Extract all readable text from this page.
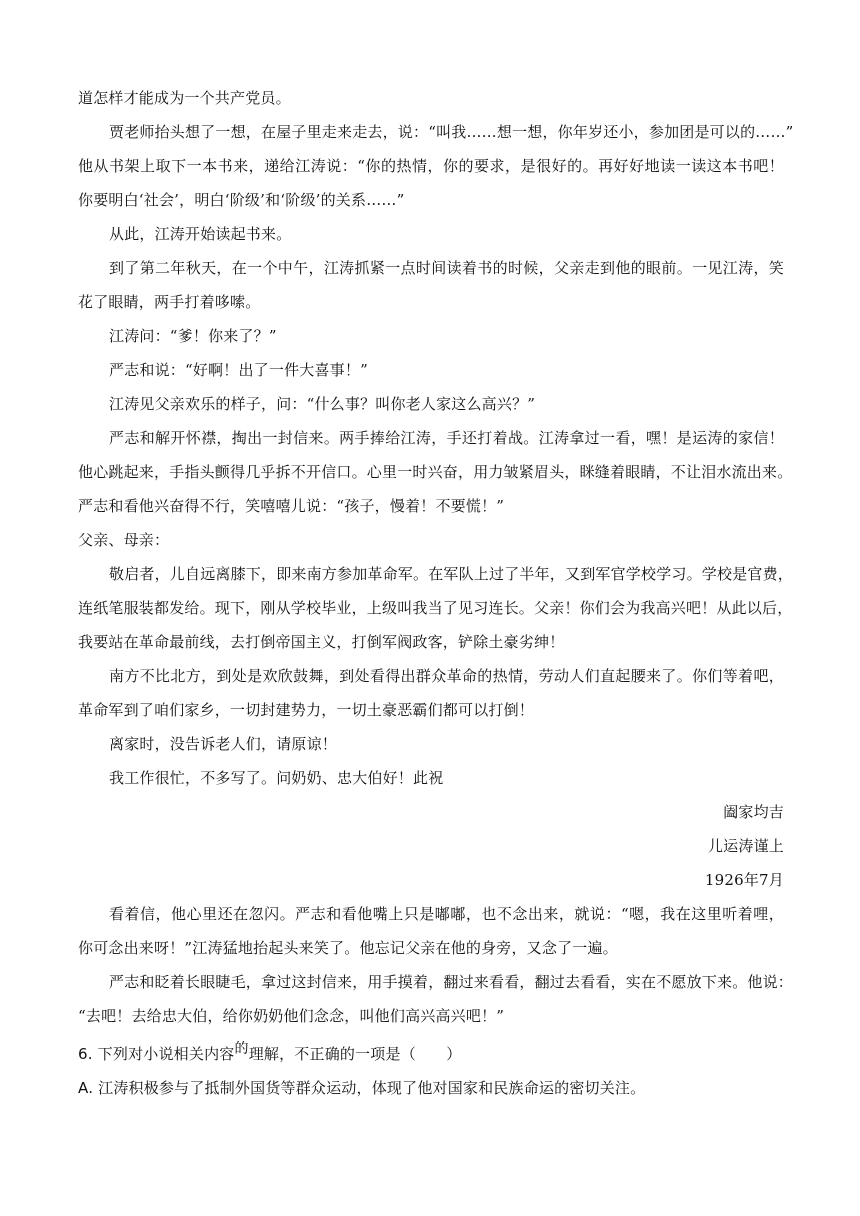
道怎样才能成为一个共产党员。
贾老师抬头想了一想，在屋子里走来走去，说：“叫我……想一想，你年岁还小，参加团是可以的……”
他从书架上取下一本书来，递给江涛说：“你的热情，你的要求，是很好的。再好好地读一读这本书吧！
你要明白‘社会’，明白‘阶级’和‘阶级’的关系……”
从此，江涛开始读起书来。
到了第二年秋天，在一个中午，江涛抓紧一点时间读着书的时候，父亲走到他的眼前。一见江涛，笑
花了眼睛，两手打着哆嗦。
江涛问：“爹！你来了？”
严志和说：“好啊！出了一件大喜事！”
江涛见父亲欢乐的样子，问：“什么事？叫你老人家这么高兴？”
严志和解开怀襟，掏出一封信来。两手捧给江涛，手还打着战。江涛拿过一看，嘿！是运涛的家信！
他心跳起来，手指头颤得几乎拆不开信口。心里一时兴奋，用力皱紧眉头，眯缝着眼睛，不让泪水流出来。
严志和看他兴奋得不行，笑嘻嘻儿说：“孩子，慢着！不要慌！”
父亲、母亲：
敬启者，儿自远离膝下，即来南方参加革命军。在军队上过了半年，又到军官学校学习。学校是官费，
连纸笔服装都发给。现下，刚从学校毕业，上级叫我当了见习连长。父亲！你们会为我高兴吧！从此以后，
我要站在革命最前线，去打倒帝国主义，打倒军阀政客，铲除土豪劣绅！
南方不比北方，到处是欢欣鼓舞，到处看得出群众革命的热情，劳动人们直起腰来了。你们等着吧，
革命军到了咱们家乡，一切封建势力，一切土豪恶霸们都可以打倒！
离家时，没告诉老人们，请原谅！
我工作很忙，不多写了。问奶奶、忠大伯好！此祝
阖家均吉
儿运涛谨上
1926年7月
看着信，他心里还在忽闪。严志和看他嘴上只是嘟嘟，也不念出来，就说：“嗯，我在这里听着哩，
你可念出来呀！”江涛猛地抬起头来笑了。他忘记父亲在他的身旁，又念了一遍。
严志和眨着长眼睫毛，拿过这封信来，用手摸着，翻过来看看，翻过去看看，实在不愿放下来。他说：
“去吧！去给忠大伯，给你奶奶他们念念，叫他们高兴高兴吧！”
6. 下列对小说相关内容的理解，不正确的一项是（　　）
A. 江涛积极参与了抵制外国货等群众运动，体现了他对国家和民族命运的密切关注。
